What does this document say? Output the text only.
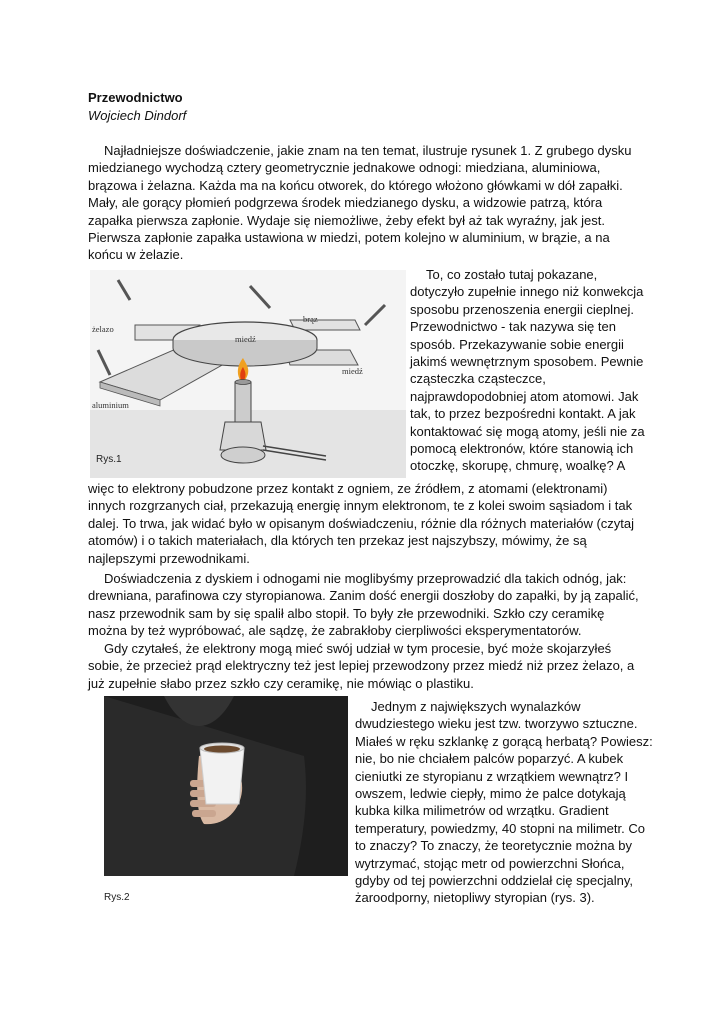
Przewodnictwo
Wojciech Dindorf

Najładniejsze doświadczenie, jakie znam na ten temat, ilustruje rysunek 1. Z grubego dysku miedzianego wychodzą cztery geometrycznie jednakowe odnogi: miedziana, aluminiowa, brązowa i żelazna. Każda ma na końcu otworek, do którego włożono główkami w dół zapałki. Mały, ale gorący płomień podgrzewa środek miedzianego dysku, a widzowie patrzą, która zapałka pierwsza zapłonie. Wydaje się niemożliwe, żeby efekt był aż tak wyraźny, jak jest. Pierwsza zapłonie zapałka ustawiona w miedzi, potem kolejno w aluminium, w brązie, a na końcu w żelazie.

miedź
żelazo
brąz
miedź
aluminium
Rys.1

To, co zostało tutaj pokazane, dotyczyło zupełnie innego niż konwekcja sposobu przenoszenia energii cieplnej. Przewodnictwo - tak nazywa się ten sposób. Przekazywanie sobie energii jakimś wewnętrznym sposobem. Pewnie cząsteczka cząsteczce, najprawdopodobniej atom atomowi. Jak tak, to przez bezpośredni kontakt. A jak kontaktować się mogą atomy, jeśli nie za pomocą elektronów, które stanowią ich otoczkę, skorupę, chmurę, woalkę? A

więc to elektrony pobudzone przez kontakt z ogniem, ze źródłem, z atomami (elektronami) innych rozgrzanych ciał, przekazują energię innym elektronom, te z kolei swoim sąsiadom i tak dalej. To trwa, jak widać było w opisanym doświadczeniu, różnie dla różnych materiałów (czytaj atomów) i o takich materiałach, dla których ten przekaz jest najszybszy, mówimy, że są najlepszymi przewodnikami.

Doświadczenia z dyskiem i odnogami nie moglibyśmy przeprowadzić dla takich odnóg, jak: drewniana, parafinowa czy styropianowa. Zanim dość energii doszłoby do zapałki, by ją zapalić, nasz przewodnik sam by się spalił albo stopił. To były złe przewodniki. Szkło czy ceramikę można by też wypróbować, ale sądzę, że zabrakłoby cierpliwości eksperymentatorów.

Gdy czytałeś, że elektrony mogą mieć swój udział w tym procesie, być może skojarzyłeś sobie, że przecież prąd elektryczny też jest lepiej przewodzony przez miedź niż przez żelazo, a już zupełnie słabo przez szkło czy ceramikę, nie mówiąc o plastiku.

Rys.2

Jednym z największych wynalazków dwudziestego wieku jest tzw. tworzywo sztuczne. Miałeś w ręku szklankę z gorącą herbatą? Powiesz: nie, bo nie chciałem palców poparzyć. A kubek cieniutki ze styropianu z wrzątkiem wewnątrz? I owszem, ledwie ciepły, mimo że palce dotykają kubka kilka milimetrów od wrzątku. Gradient temperatury, powiedzmy, 40 stopni na milimetr. Co to znaczy? To znaczy, że teoretycznie można by wytrzymać, stojąc metr od powierzchni Słońca, gdyby od tej powierzchni oddzielał cię specjalny, żaroodporny, nietopliwy styropian (rys. 3).
